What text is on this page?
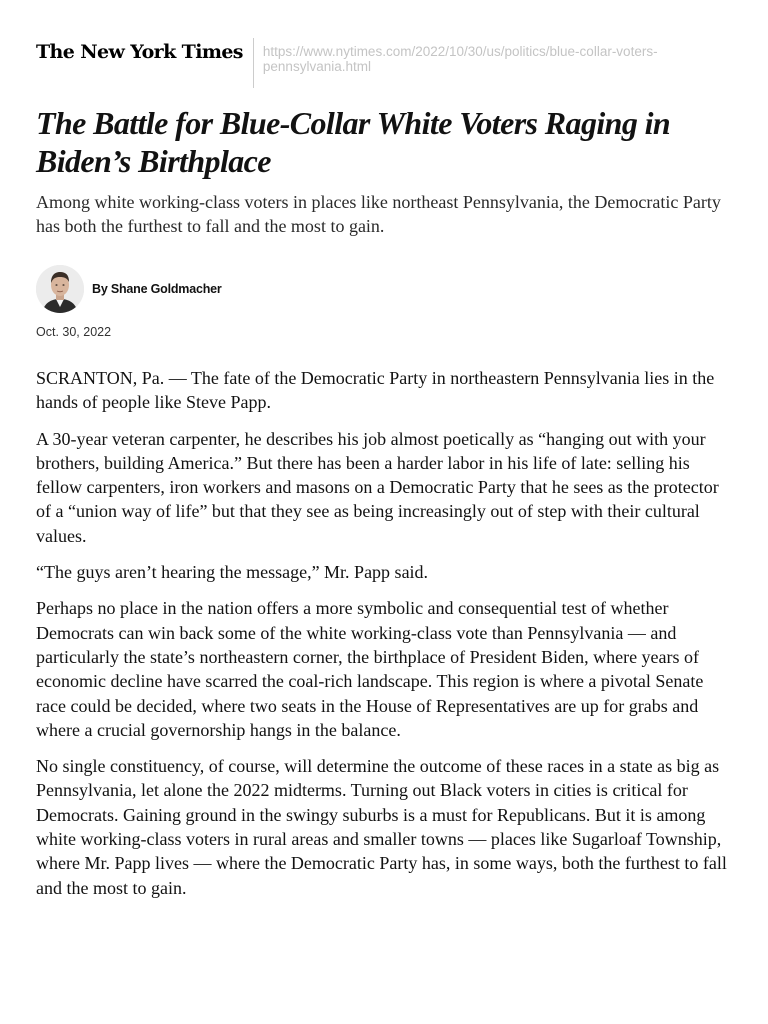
The New York Times	https://www.nytimes.com/2022/10/30/us/politics/blue-collar-voters-pennsylvania.html
The Battle for Blue-Collar White Voters Raging in Biden’s Birthplace

Among white working-class voters in places like northeast Pennsylvania, the Democratic Party has both the furthest to fall and the most to gain.

By Shane Goldmacher
Oct. 30, 2022

SCRANTON, Pa. — The fate of the Democratic Party in northeastern Pennsylvania lies in the hands of people like Steve Papp.

A 30-year veteran carpenter, he describes his job almost poetically as “hanging out with your brothers, building America.” But there has been a harder labor in his life of late: selling his fellow carpenters, iron workers and masons on a Democratic Party that he sees as the protector of a “union way of life” but that they see as being increasingly out of step with their cultural values.

“The guys aren’t hearing the message,” Mr. Papp said.

Perhaps no place in the nation offers a more symbolic and consequential test of whether Democrats can win back some of the white working-class vote than Pennsylvania — and particularly the state’s northeastern corner, the birthplace of President Biden, where years of economic decline have scarred the coal-rich landscape. This region is where a pivotal Senate race could be decided, where two seats in the House of Representatives are up for grabs and where a crucial governorship hangs in the balance.

No single constituency, of course, will determine the outcome of these races in a state as big as Pennsylvania, let alone the 2022 midterms. Turning out Black voters in cities is critical for Democrats. Gaining ground in the swingy suburbs is a must for Republicans. But it is among white working-class voters in rural areas and smaller towns — places like Sugarloaf Township, where Mr. Papp lives — where the Democratic Party has, in some ways, both the furthest to fall and the most to gain.
